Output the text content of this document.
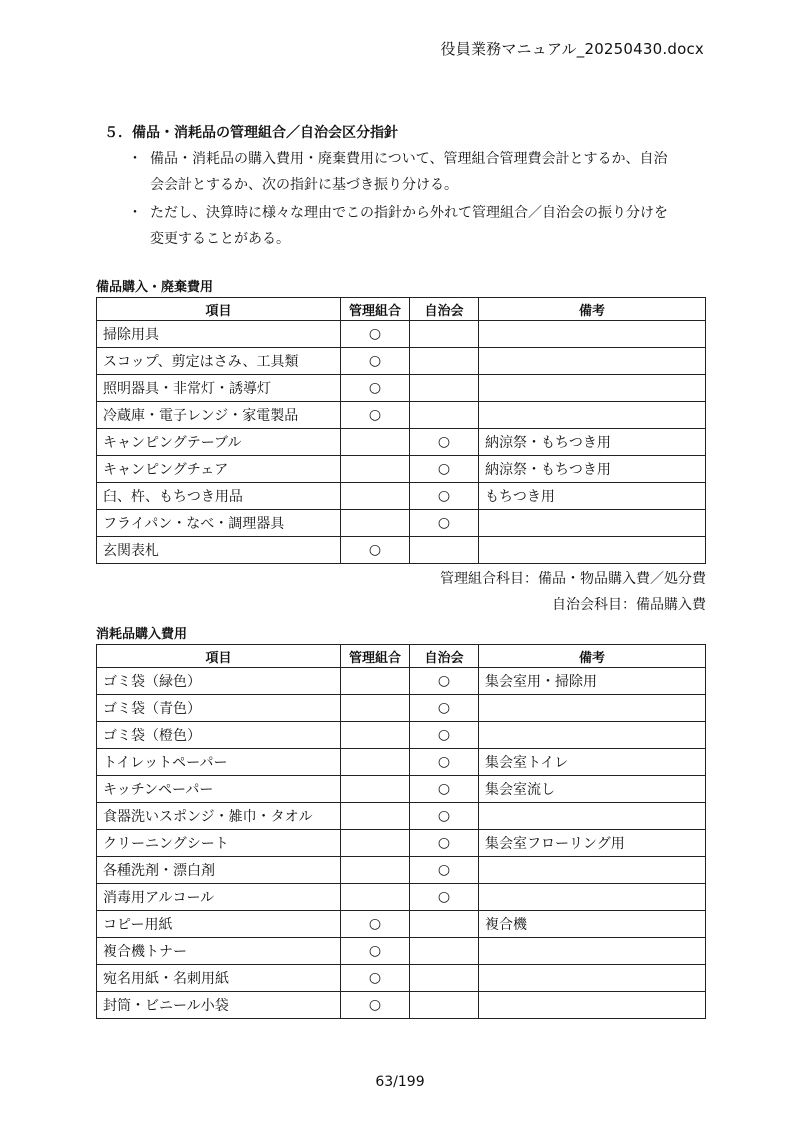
役員業務マニュアル_20250430.docx
５．備品・消耗品の管理組合／自治会区分指針
・ 備品・消耗品の購入費用・廃棄費用について、管理組合管理費会計とするか、自治
会会計とするか、次の指針に基づき振り分ける。
・ ただし、決算時に様々な理由でこの指針から外れて管理組合／自治会の振り分けを
変更することがある。
備品購入・廃棄費用
項目	管理組合	自治会	備考
掃除用具	○		
スコップ、剪定はさみ、工具類	○		
照明器具・非常灯・誘導灯	○		
冷蔵庫・電子レンジ・家電製品	○		
キャンピングテーブル		○	納涼祭・もちつき用
キャンピングチェア		○	納涼祭・もちつき用
臼、杵、もちつき用品		○	もちつき用
フライパン・なべ・調理器具		○	
玄関表札	○		
管理組合科目：備品・物品購入費／処分費
自治会科目：備品購入費
消耗品購入費用
項目	管理組合	自治会	備考
ゴミ袋（緑色）		○	集会室用・掃除用
ゴミ袋（青色）		○	
ゴミ袋（橙色）		○	
トイレットペーパー		○	集会室トイレ
キッチンペーパー		○	集会室流し
食器洗いスポンジ・雑巾・タオル		○	
クリーニングシート		○	集会室フローリング用
各種洗剤・漂白剤		○	
消毒用アルコール		○	
コピー用紙	○		複合機
複合機トナー	○		
宛名用紙・名刺用紙	○		
封筒・ビニール小袋	○		
63/199
